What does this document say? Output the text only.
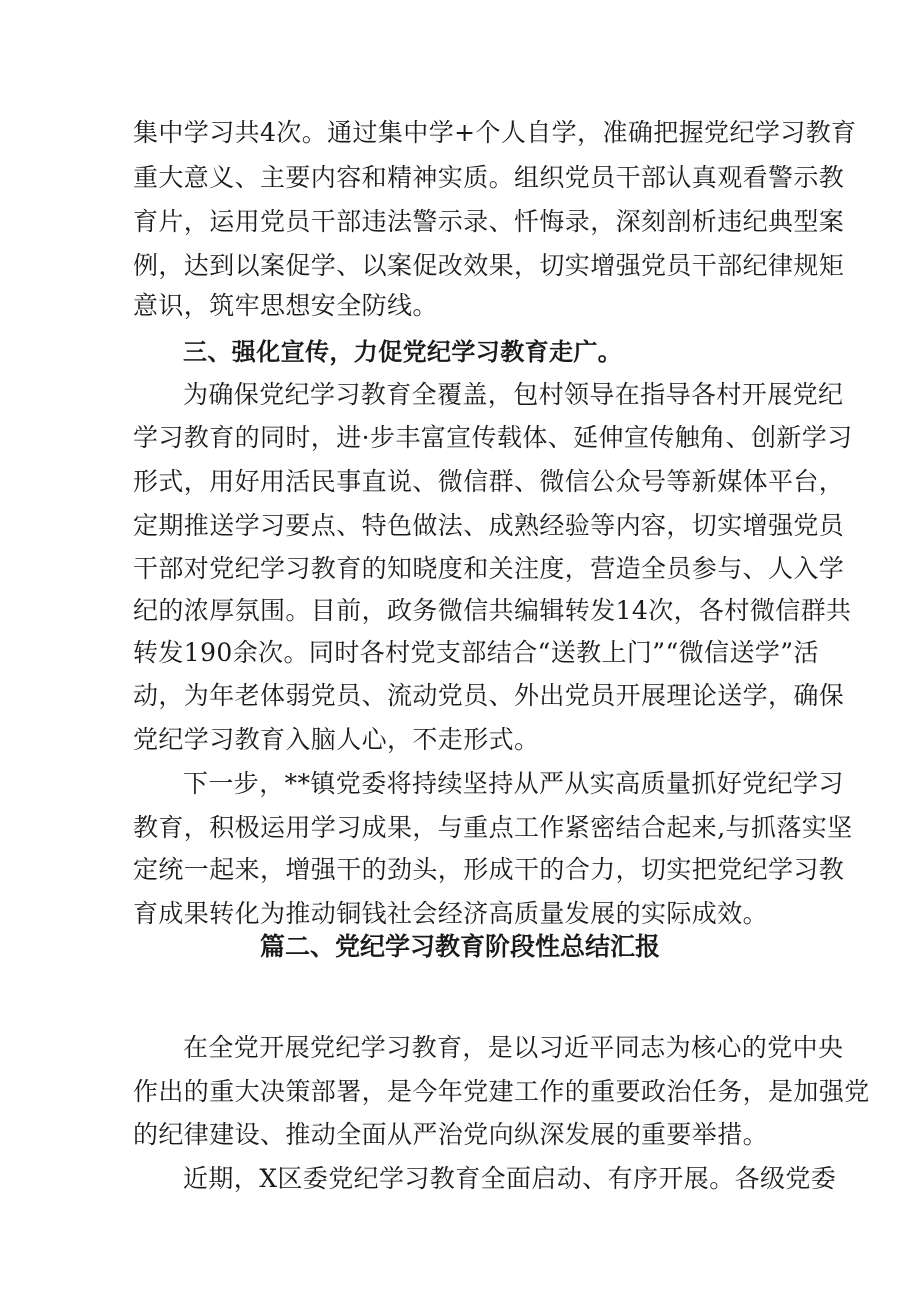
集中学习共4次。通过集中学+个人自学，准确把握党纪学习教育
重大意义、主要内容和精神实质。组织党员干部认真观看警示教
育片，运用党员干部违法警示录、忏悔录，深刻剖析违纪典型案
例，达到以案促学、以案促改效果，切实增强党员干部纪律规矩
意识，筑牢思想安全防线。
三、强化宣传，力促党纪学习教育走广。
为确保党纪学习教育全覆盖，包村领导在指导各村开展党纪
学习教育的同时，进·步丰富宣传载体、延伸宣传触角、创新学习
形式，用好用活民事直说、微信群、微信公众号等新媒体平台，
定期推送学习要点、特色做法、成熟经验等内容，切实增强党员
干部对党纪学习教育的知晓度和关注度，营造全员参与、人入学
纪的浓厚氛围。目前，政务微信共编辑转发14次，各村微信群共
转发190余次。同时各村党支部结合“送教上门”“微信送学”活
动，为年老体弱党员、流动党员、外出党员开展理论送学，确保
党纪学习教育入脑人心，不走形式。
下一步，**镇党委将持续坚持从严从实高质量抓好党纪学习
教育，积极运用学习成果，与重点工作紧密结合起来,与抓落实坚
定统一起来，增强干的劲头，形成干的合力，切实把党纪学习教
育成果转化为推动铜钱社会经济高质量发展的实际成效。
篇二、党纪学习教育阶段性总结汇报
在全党开展党纪学习教育，是以习近平同志为核心的党中央
作出的重大决策部署，是今年党建工作的重要政治任务，是加强党
的纪律建设、推动全面从严治党向纵深发展的重要举措。
近期，X区委党纪学习教育全面启动、有序开展。各级党委
